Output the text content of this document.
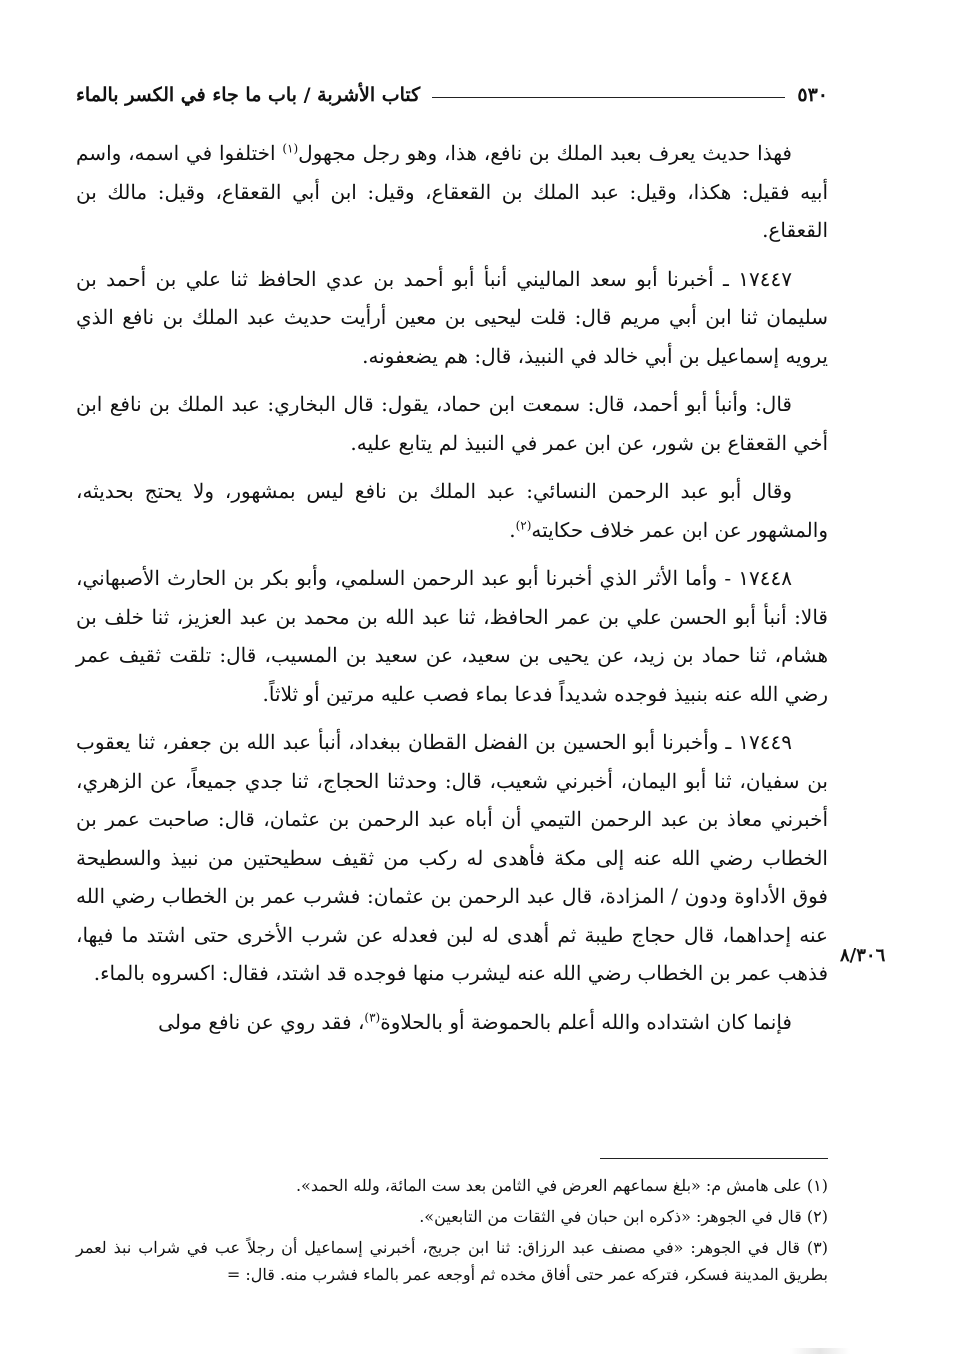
٥٣٠
كتاب الأشربة / باب ما جاء في الكسر بالماء
٨/٣٠٦

فهذا حديث يعرف بعبد الملك بن نافع، هذا، وهو رجل مجهول$^{(١)}$ اختلفوا في اسمه، واسم أبيه فقيل: هكذا، وقيل: عبد الملك بن القعقاع، وقيل: ابن أبي القعقاع، وقيل: مالك بن القعقاع.

١٧٤٤٧ ـ أخبرنا أبو سعد الماليني أنبأ أبو أحمد بن عدي الحافظ ثنا علي بن أحمد بن سليمان ثنا ابن أبي مريم قال: قلت ليحيى بن معين أرأيت حديث عبد الملك بن نافع الذي يرويه إسماعيل بن أبي خالد في النبيذ، قال: هم يضعفونه.

قال: وأنبأ أبو أحمد، قال: سمعت ابن حماد، يقول: قال البخاري: عبد الملك بن نافع ابن أخي القعقاع بن شور، عن ابن عمر في النبيذ لم يتابع عليه.

وقال أبو عبد الرحمن النسائي: عبد الملك بن نافع ليس بمشهور، ولا يحتج بحديثه، والمشهور عن ابن عمر خلاف حكايته$^{(٢)}$.

١٧٤٤٨ - وأما الأثر الذي أخبرنا أبو عبد الرحمن السلمي، وأبو بكر بن الحارث الأصبهاني، قالا: أنبأ أبو الحسن علي بن عمر الحافظ، ثنا عبد الله بن محمد بن عبد العزيز، ثنا خلف بن هشام، ثنا حماد بن زيد، عن يحيى بن سعيد، عن سعيد بن المسيب، قال: تلقت ثقيف عمر رضي الله عنه بنبيذ فوجده شديداً فدعا بماء فصب عليه مرتين أو ثلاثاً.

١٧٤٤٩ ـ وأخبرنا أبو الحسين بن الفضل القطان ببغداد، أنبأ عبد الله بن جعفر، ثنا يعقوب بن سفيان، ثنا أبو اليمان، أخبرني شعيب، قال: وحدثنا الحجاج، ثنا جدي جميعاً، عن الزهري، أخبرني معاذ بن عبد الرحمن التيمي أن أباه عبد الرحمن بن عثمان، قال: صاحبت عمر بن الخطاب رضي الله عنه إلى مكة فأهدى له ركب من ثقيف سطيحتين من نبيذ والسطيحة فوق الأداوة ودون / المزادة، قال عبد الرحمن بن عثمان: فشرب عمر بن الخطاب رضي الله عنه إحداهما، قال حجاج طيبة ثم أهدى له لبن فعدله عن شرب الأخرى حتى اشتد ما فيها، فذهب عمر بن الخطاب رضي الله عنه ليشرب منها فوجده قد اشتد، فقال: اكسروه بالماء.

فإنما كان اشتداده والله أعلم بالحموضة أو بالحلاوة$^{(٣)}$، فقد روي عن نافع مولى

(١) على هامش م: «بلغ سماعهم العرض في الثامن بعد ست المائة، ولله الحمد».

(٢) قال في الجوهر: «ذكره ابن حبان في الثقات من التابعين».

(٣) قال في الجوهر: «في مصنف عبد الرزاق: ثنا ابن جريج، أخبرني إسماعيل أن رجلاً عب في شراب نبذ لعمر بطريق المدينة فسكر، فتركه عمر حتى أفاق مخده ثم أوجعه عمر بالماء فشرب منه. قال: =
